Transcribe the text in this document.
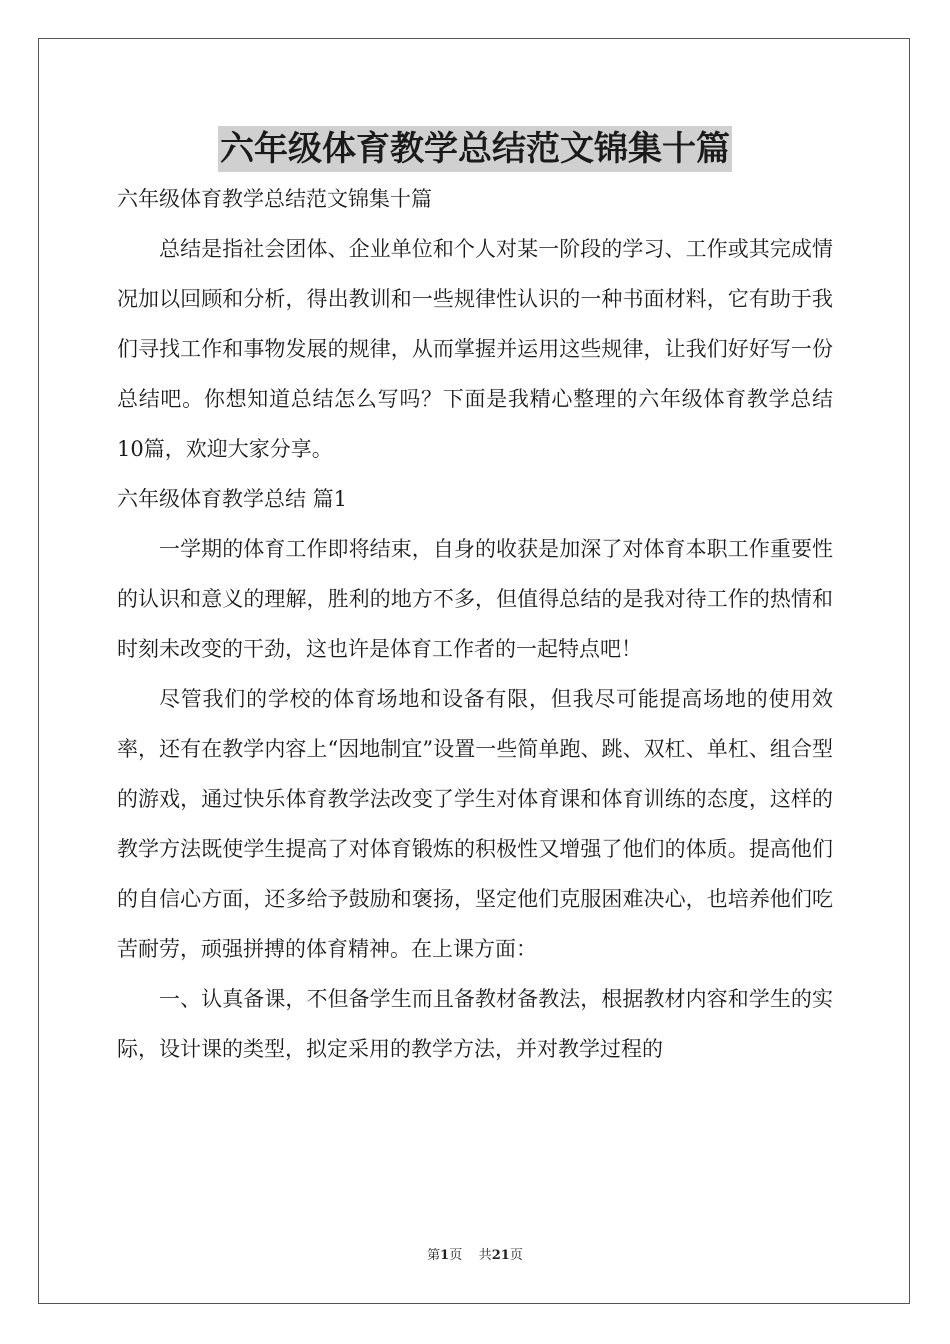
六年级体育教学总结范文锦集十篇

六年级体育教学总结范文锦集十篇

总结是指社会团体、企业单位和个人对某一阶段的学习、工作或其完成情况加以回顾和分析，得出教训和一些规律性认识的一种书面材料，它有助于我们寻找工作和事物发展的规律，从而掌握并运用这些规律，让我们好好写一份总结吧。你想知道总结怎么写吗？下面是我精心整理的六年级体育教学总结10篇，欢迎大家分享。

六年级体育教学总结 篇1

一学期的体育工作即将结束，自身的收获是加深了对体育本职工作重要性的认识和意义的理解，胜利的地方不多，但值得总结的是我对待工作的热情和时刻未改变的干劲，这也许是体育工作者的一起特点吧！

尽管我们的学校的体育场地和设备有限，但我尽可能提高场地的使用效率，还有在教学内容上“因地制宜”设置一些简单跑、跳、双杠、单杠、组合型的游戏，通过快乐体育教学法改变了学生对体育课和体育训练的态度，这样的教学方法既使学生提高了对体育锻炼的积极性又增强了他们的体质。提高他们的自信心方面，还多给予鼓励和褒扬，坚定他们克服困难决心，也培养他们吃苦耐劳，顽强拼搏的体育精神。在上课方面：

一、认真备课，不但备学生而且备教材备教法，根据教材内容和学生的实际，设计课的类型，拟定采用的教学方法，并对教学过程的

第1页 共21页
